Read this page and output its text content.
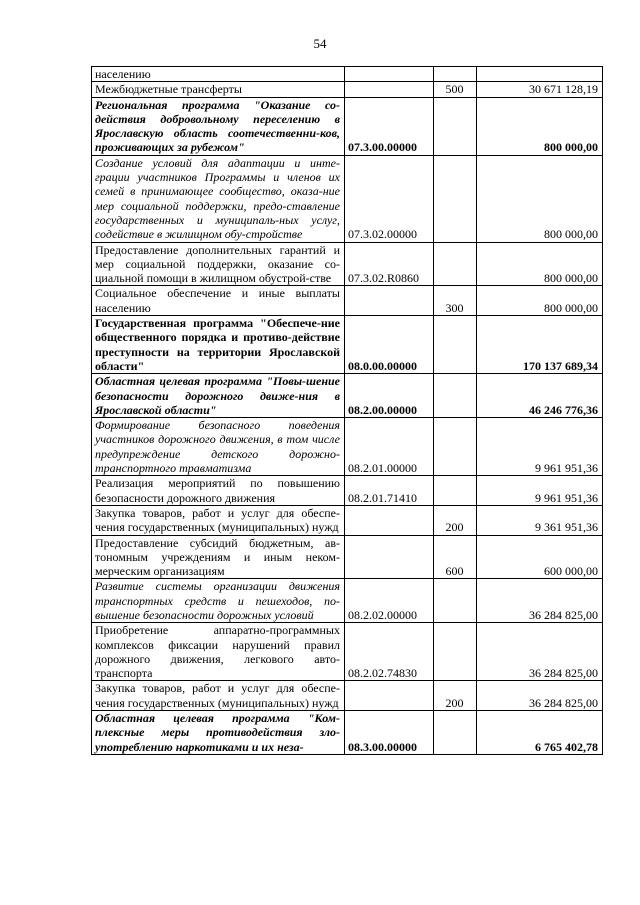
54
населению			
Межбюджетные трансферты		500	30 671 128,19
Региональная программа "Оказание со-действия добровольному переселению в Ярославскую область соотечественни-ков, проживающих за рубежом"	07.3.00.00000		800 000,00
Создание условий для адаптации и инте-грации участников Программы и членов их семей в принимающее сообщество, оказа-ние мер социальной поддержки, предо-ставление государственных и муниципаль-ных услуг, содействие в жилищном обу-стройстве	07.3.02.00000		800 000,00
Предоставление дополнительных гарантий и мер социальной поддержки, оказание со-циальной помощи в жилищном обустрой-стве	07.3.02.R0860		800 000,00
Социальное обеспечение и иные выплаты населению		300	800 000,00
Государственная программа "Обеспече-ние общественного порядка и противо-действие преступности на территории Ярославской области"	08.0.00.00000		170 137 689,34
Областная целевая программа "Повы-шение безопасности дорожного движе-ния в Ярославской области"	08.2.00.00000		46 246 776,36
Формирование безопасного поведения участников дорожного движения, в том числе предупреждение детского дорожно-транспортного травматизма	08.2.01.00000		9 961 951,36
Реализация мероприятий по повышению безопасности дорожного движения	08.2.01.71410		9 961 951,36
Закупка товаров, работ и услуг для обеспе-чения государственных (муниципальных) нужд		200	9 361 951,36
Предоставление субсидий бюджетным, ав-тономным учреждениям и иным неком-мерческим организациям		600	600 000,00
Развитие системы организации движения транспортных средств и пешеходов, по-вышение безопасности дорожных условий	08.2.02.00000		36 284 825,00
Приобретение аппаратно-программных комплексов фиксации нарушений правил дорожного движения, легкового авто-транспорта	08.2.02.74830		36 284 825,00
Закупка товаров, работ и услуг для обеспе-чения государственных (муниципальных) нужд		200	36 284 825,00
Областная целевая программа "Ком-плексные меры противодействия зло-употреблению наркотиками и их неза-	08.3.00.00000		6 765 402,78
